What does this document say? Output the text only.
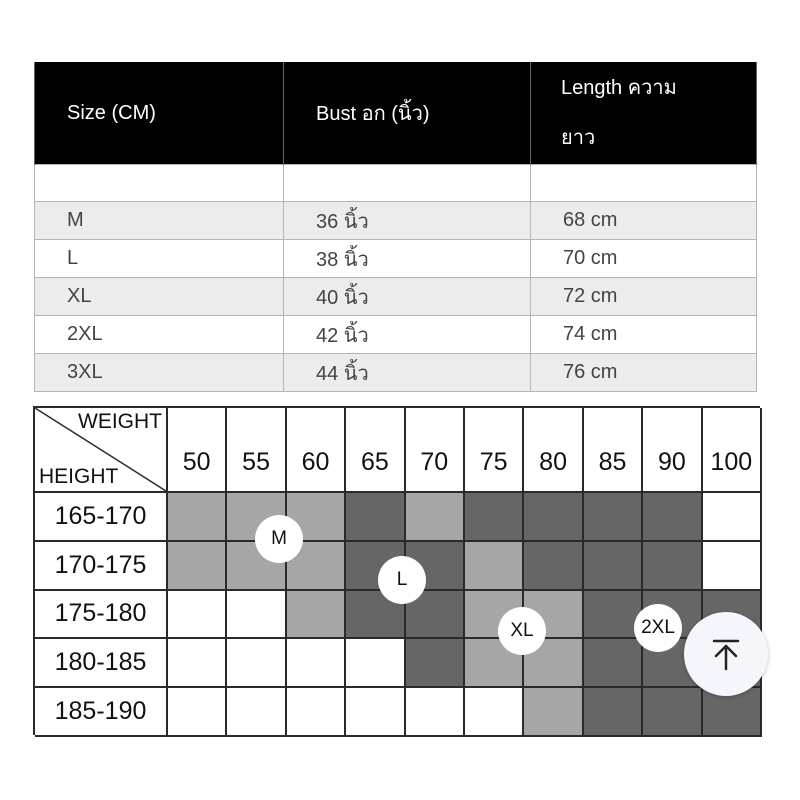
Size (CM)	Bust อก (นิ้ว)	Length ความ
ยาว

M	36 นิ้ว	68 cm
L	38 นิ้ว	70 cm
XL	40 นิ้ว	72 cm
2XL	42 นิ้ว	74 cm
3XL	44 นิ้ว	76 cm
WEIGHT
HEIGHT
50	55	60	65	70	75	80	85	90 100
165-170
170-175
175-180
180-185
185-190
M
L
XL	2XL
